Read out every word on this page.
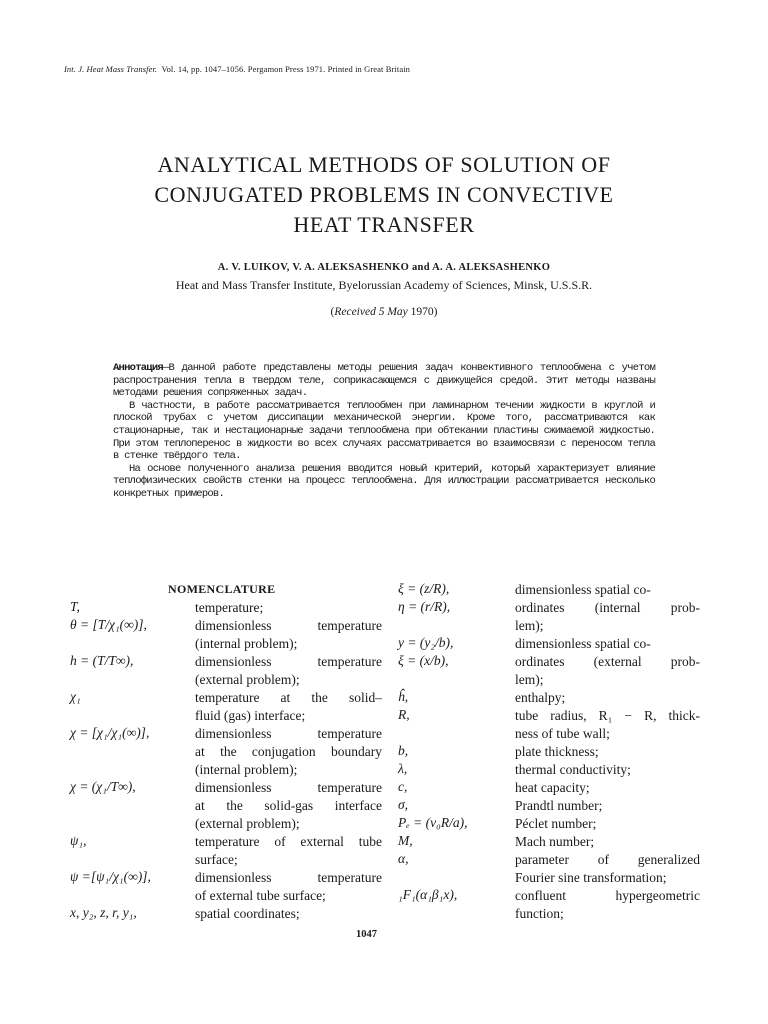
Int. J. Heat Mass Transfer. Vol. 14, pp. 1047–1056. Pergamon Press 1971. Printed in Great Britain
ANALYTICAL METHODS OF SOLUTION OF
CONJUGATED PROBLEMS IN CONVECTIVE
HEAT TRANSFER
A. V. LUIKOV, V. A. ALEKSASHENKO and A. A. ALEKSASHENKO
Heat and Mass Transfer Institute, Byelorussian Academy of Sciences, Minsk, U.S.S.R.
(Received 5 May 1970)

Аннотация—В данной работе представлены методы решения задач конвективного теплообмена с учетом распространения тепла в твердом теле, соприкасающемся с движущейся средой. Этит методы названы методами решения сопряженных задач.

В частности, в работе рассматривается теплообмен при ламинарном течении жидкости в круглой и плоской трубах с учетом диссипации механической энергии. Кроме того, рассматриваются как стационарные, так и нестационарные задачи теплообмена при обтекании пластины сжимаемой жидкостью. При этом теплоперенос в жидкости во всех случаях рассматривается во взаимосвязи с переносом тепла в стенке твёрдого тела.

На основе полученного анализа решения вводится новый критерий, который характеризует влияние теплофизических свойств стенки на процесс теплообмена. Для иллюстрации рассматривается несколько конкретных примеров.

NOMENCLATURE
T,	temperature;
θ = [T/χ₁(∞)],	dimensionless temperature
(internal problem);
h = (T/T∞),	dimensionless temperature
(external problem);
χ₁	temperature at the solid–
fluid (gas) interface;
χ = [χ₁/χ₁(∞)],	dimensionless temperature
at the conjugation boundary
(internal problem);
χ = (χ₁/T∞),	dimensionless temperature
at the solid-gas interface
(external problem);
ψ₁,	temperature of external tube
surface;
ψ =[ψ₁/χ₁(∞)],	dimensionless temperature
of external tube surface;
x, y₂, z, r, y₁,	spatial coordinates;
ξ = (z/R),	dimensionless spatial co-
η = (r/R),	ordinates (internal prob-
lem);
y = (y₂/b),	dimensionless spatial co-
ξ = (x/b),	ordinates (external prob-
lem);
ĥ,	enthalpy;
R,	tube radius, R₁ − R, thick-
ness of tube wall;
b,	plate thickness;
λ,	thermal conductivity;
c,	heat capacity;
σ,	Prandtl number;
Pₑ = (v₀R/a),	Péclet number;
M,	Mach number;
α,	parameter of generalized
Fourier sine transformation;
₁F₁(α₁β₁x),	confluent hypergeometric
function;
1047
